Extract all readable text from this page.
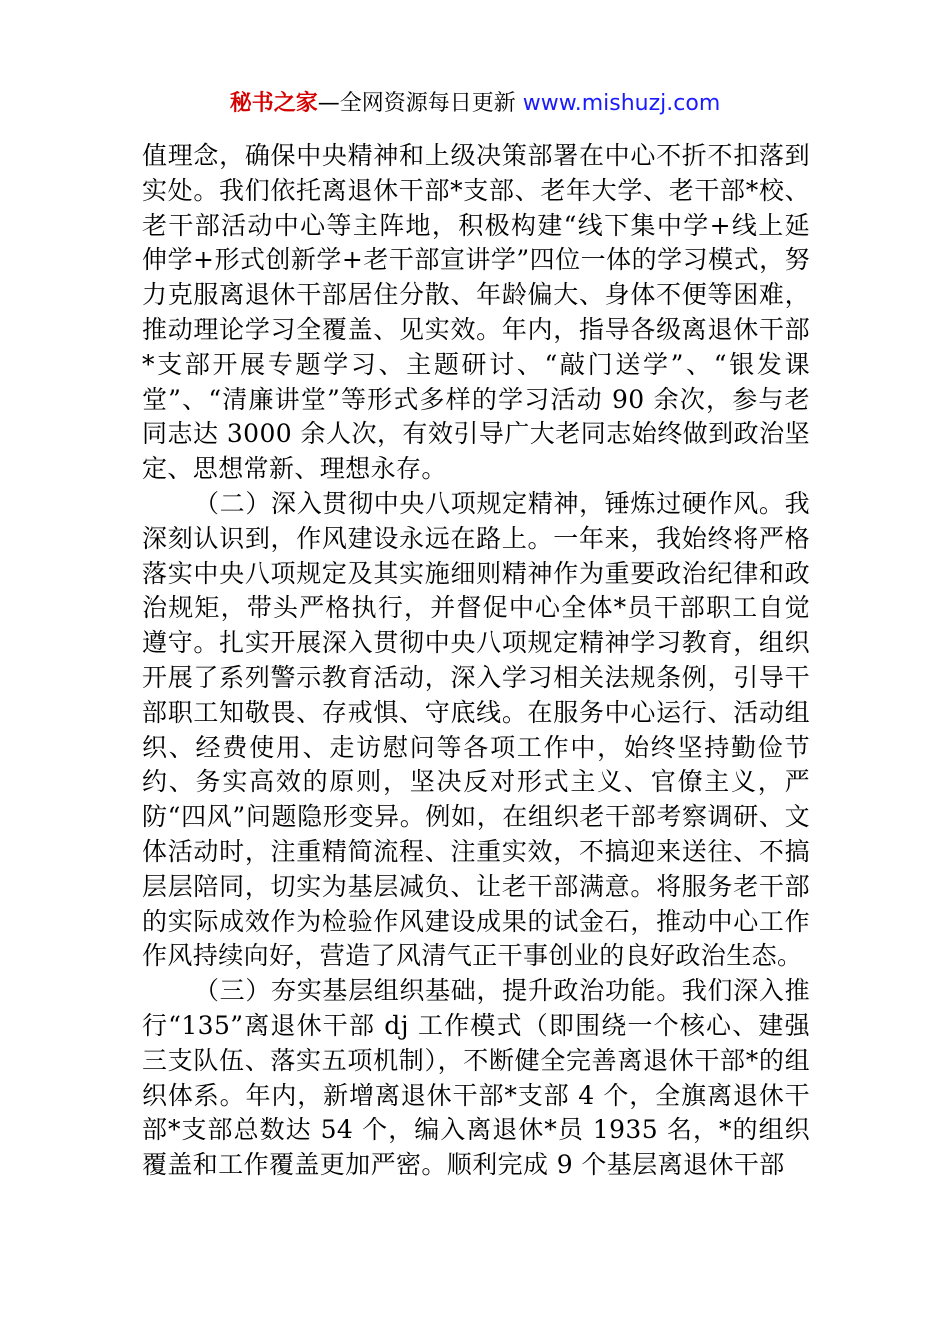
秘书之家—全网资源每日更新 www.mishuzj.com

值理念，确保中央精神和上级决策部署在中心不折不扣落到实处。我们依托离退休干部*支部、老年大学、老干部*校、老干部活动中心等主阵地，积极构建“线下集中学+线上延伸学+形式创新学+老干部宣讲学”四位一体的学习模式，努力克服离退休干部居住分散、年龄偏大、身体不便等困难，推动理论学习全覆盖、见实效。年内，指导各级离退休干部*支部开展专题学习、主题研讨、“敲门送学”、“银发课堂”、“清廉讲堂”等形式多样的学习活动 90 余次，参与老同志达 3000 余人次，有效引导广大老同志始终做到政治坚定、思想常新、理想永存。

（二）深入贯彻中央八项规定精神，锤炼过硬作风。我深刻认识到，作风建设永远在路上。一年来，我始终将严格落实中央八项规定及其实施细则精神作为重要政治纪律和政治规矩，带头严格执行，并督促中心全体*员干部职工自觉遵守。扎实开展深入贯彻中央八项规定精神学习教育，组织开展了系列警示教育活动，深入学习相关法规条例，引导干部职工知敬畏、存戒惧、守底线。在服务中心运行、活动组织、经费使用、走访慰问等各项工作中，始终坚持勤俭节约、务实高效的原则，坚决反对形式主义、官僚主义，严防“四风”问题隐形变异。例如，在组织老干部考察调研、文体活动时，注重精简流程、注重实效，不搞迎来送往、不搞层层陪同，切实为基层减负、让老干部满意。将服务老干部的实际成效作为检验作风建设成果的试金石，推动中心工作作风持续向好，营造了风清气正干事创业的良好政治生态。

（三）夯实基层组织基础，提升政治功能。我们深入推行“135”离退休干部 dj 工作模式（即围绕一个核心、建强三支队伍、落实五项机制），不断健全完善离退休干部*的组织体系。年内，新增离退休干部*支部 4 个，全旗离退休干部*支部总数达 54 个，编入离退休*员 1935 名，*的组织覆盖和工作覆盖更加严密。顺利完成 9 个基层离退休干部
